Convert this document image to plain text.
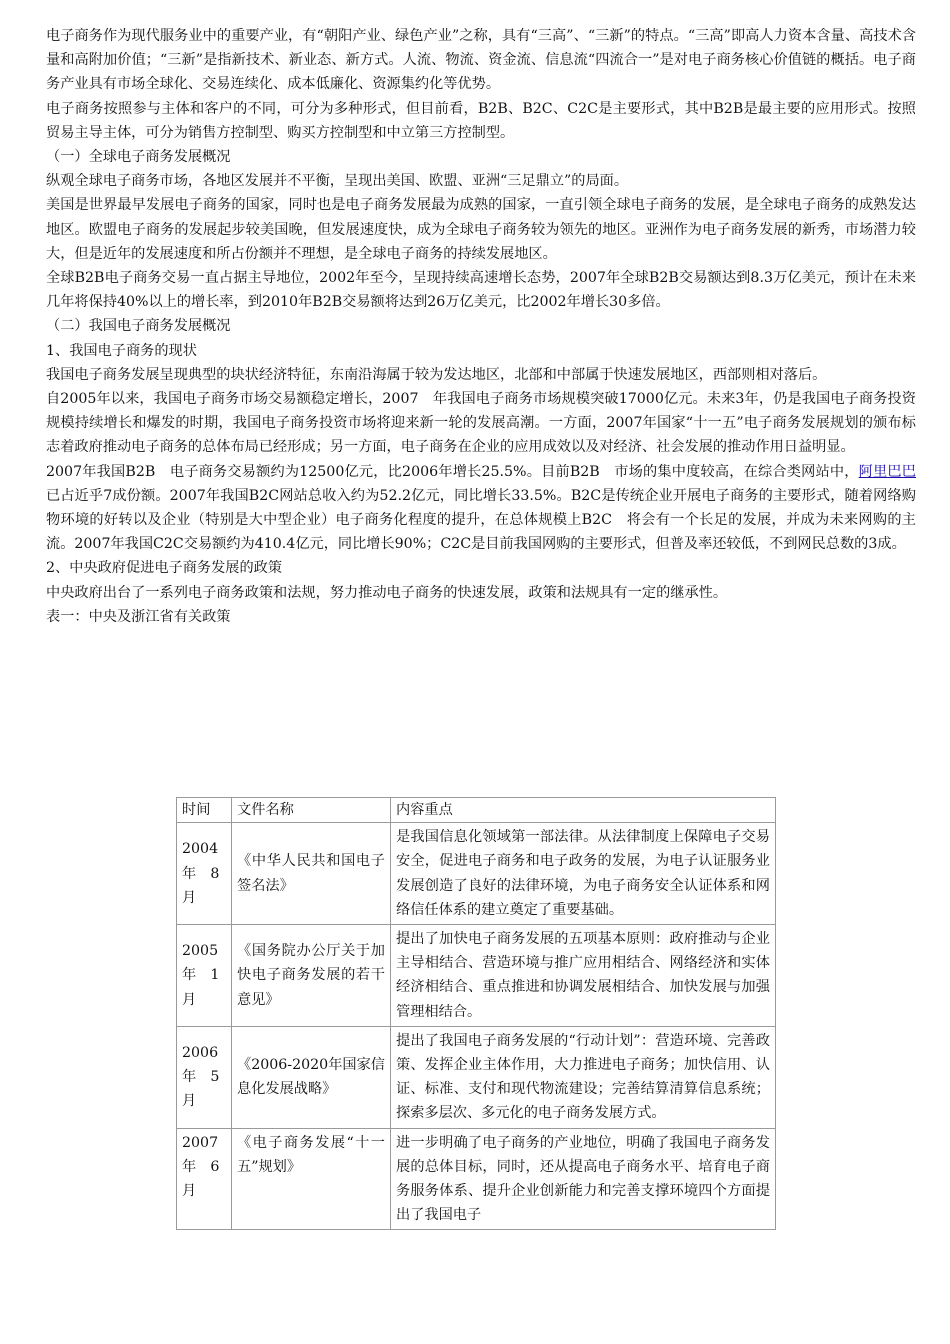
电子商务作为现代服务业中的重要产业，有“朝阳产业、绿色产业”之称，具有“三高”、“三新”的特点。“三高”即高人力资本含量、高技术含量和高附加价值；“三新”是指新技术、新业态、新方式。人流、物流、资金流、信息流“四流合一”是对电子商务核心价值链的概括。电子商务产业具有市场全球化、交易连续化、成本低廉化、资源集约化等优势。

电子商务按照参与主体和客户的不同，可分为多种形式，但目前看，B2B、B2C、C2C是主要形式，其中B2B是最主要的应用形式。按照贸易主导主体，可分为销售方控制型、购买方控制型和中立第三方控制型。

（一）全球电子商务发展概况

纵观全球电子商务市场，各地区发展并不平衡，呈现出美国、欧盟、亚洲“三足鼎立”的局面。

美国是世界最早发展电子商务的国家，同时也是电子商务发展最为成熟的国家，一直引领全球电子商务的发展，是全球电子商务的成熟发达地区。欧盟电子商务的发展起步较美国晚，但发展速度快，成为全球电子商务较为领先的地区。亚洲作为电子商务发展的新秀，市场潜力较大，但是近年的发展速度和所占份额并不理想，是全球电子商务的持续发展地区。

全球B2B电子商务交易一直占据主导地位，2002年至今，呈现持续高速增长态势，2007年全球B2B交易额达到8.3万亿美元，预计在未来几年将保持40%以上的增长率，到2010年B2B交易额将达到26万亿美元，比2002年增长30多倍。

（二）我国电子商务发展概况

1、我国电子商务的现状

我国电子商务发展呈现典型的块状经济特征，东南沿海属于较为发达地区，北部和中部属于快速发展地区，西部则相对落后。

自2005年以来，我国电子商务市场交易额稳定增长，2007　年我国电子商务市场规模突破17000亿元。未来3年，仍是我国电子商务投资规模持续增长和爆发的时期，我国电子商务投资市场将迎来新一轮的发展高潮。一方面，2007年国家“十一五”电子商务发展规划的颁布标志着政府推动电子商务的总体布局已经形成；另一方面，电子商务在企业的应用成效以及对经济、社会发展的推动作用日益明显。

2007年我国B2B　电子商务交易额约为12500亿元，比2006年增长25.5%。目前B2B　市场的集中度较高，在综合类网站中，阿里巴巴已占近乎7成份额。2007年我国B2C网站总收入约为52.2亿元，同比增长33.5%。B2C是传统企业开展电子商务的主要形式，随着网络购物环境的好转以及企业（特别是大中型企业）电子商务化程度的提升，在总体规模上B2C　将会有一个长足的发展，并成为未来网购的主流。2007年我国C2C交易额约为410.4亿元，同比增长90%；C2C是目前我国网购的主要形式，但普及率还较低，不到网民总数的3成。

2、中央政府促进电子商务发展的政策

中央政府出台了一系列电子商务政策和法规，努力推动电子商务的快速发展，政策和法规具有一定的继承性。

表一：中央及浙江省有关政策

时间	文件名称	内容重点
2004年　8月	《中华人民共和国电子签名法》	是我国信息化领域第一部法律。从法律制度上保障电子交易安全，促进电子商务和电子政务的发展，为电子认证服务业发展创造了良好的法律环境，为电子商务安全认证体系和网络信任体系的建立奠定了重要基础。
2005年　1月	《国务院办公厅关于加快电子商务发展的若干意见》	提出了加快电子商务发展的五项基本原则：政府推动与企业主导相结合、营造环境与推广应用相结合、网络经济和实体经济相结合、重点推进和协调发展相结合、加快发展与加强管理相结合。
2006年　5月	《2006-2020年国家信息化发展战略》	提出了我国电子商务发展的“行动计划”：营造环境、完善政策、发挥企业主体作用，大力推进电子商务；加快信用、认证、标准、支付和现代物流建设；完善结算清算信息系统；探索多层次、多元化的电子商务发展方式。
2007年　6月	《电子商务发展“十一五”规划》	进一步明确了电子商务的产业地位，明确了我国电子商务发展的总体目标，同时，还从提高电子商务水平、培育电子商务服务体系、提升企业创新能力和完善支撑环境四个方面提出了我国电子
